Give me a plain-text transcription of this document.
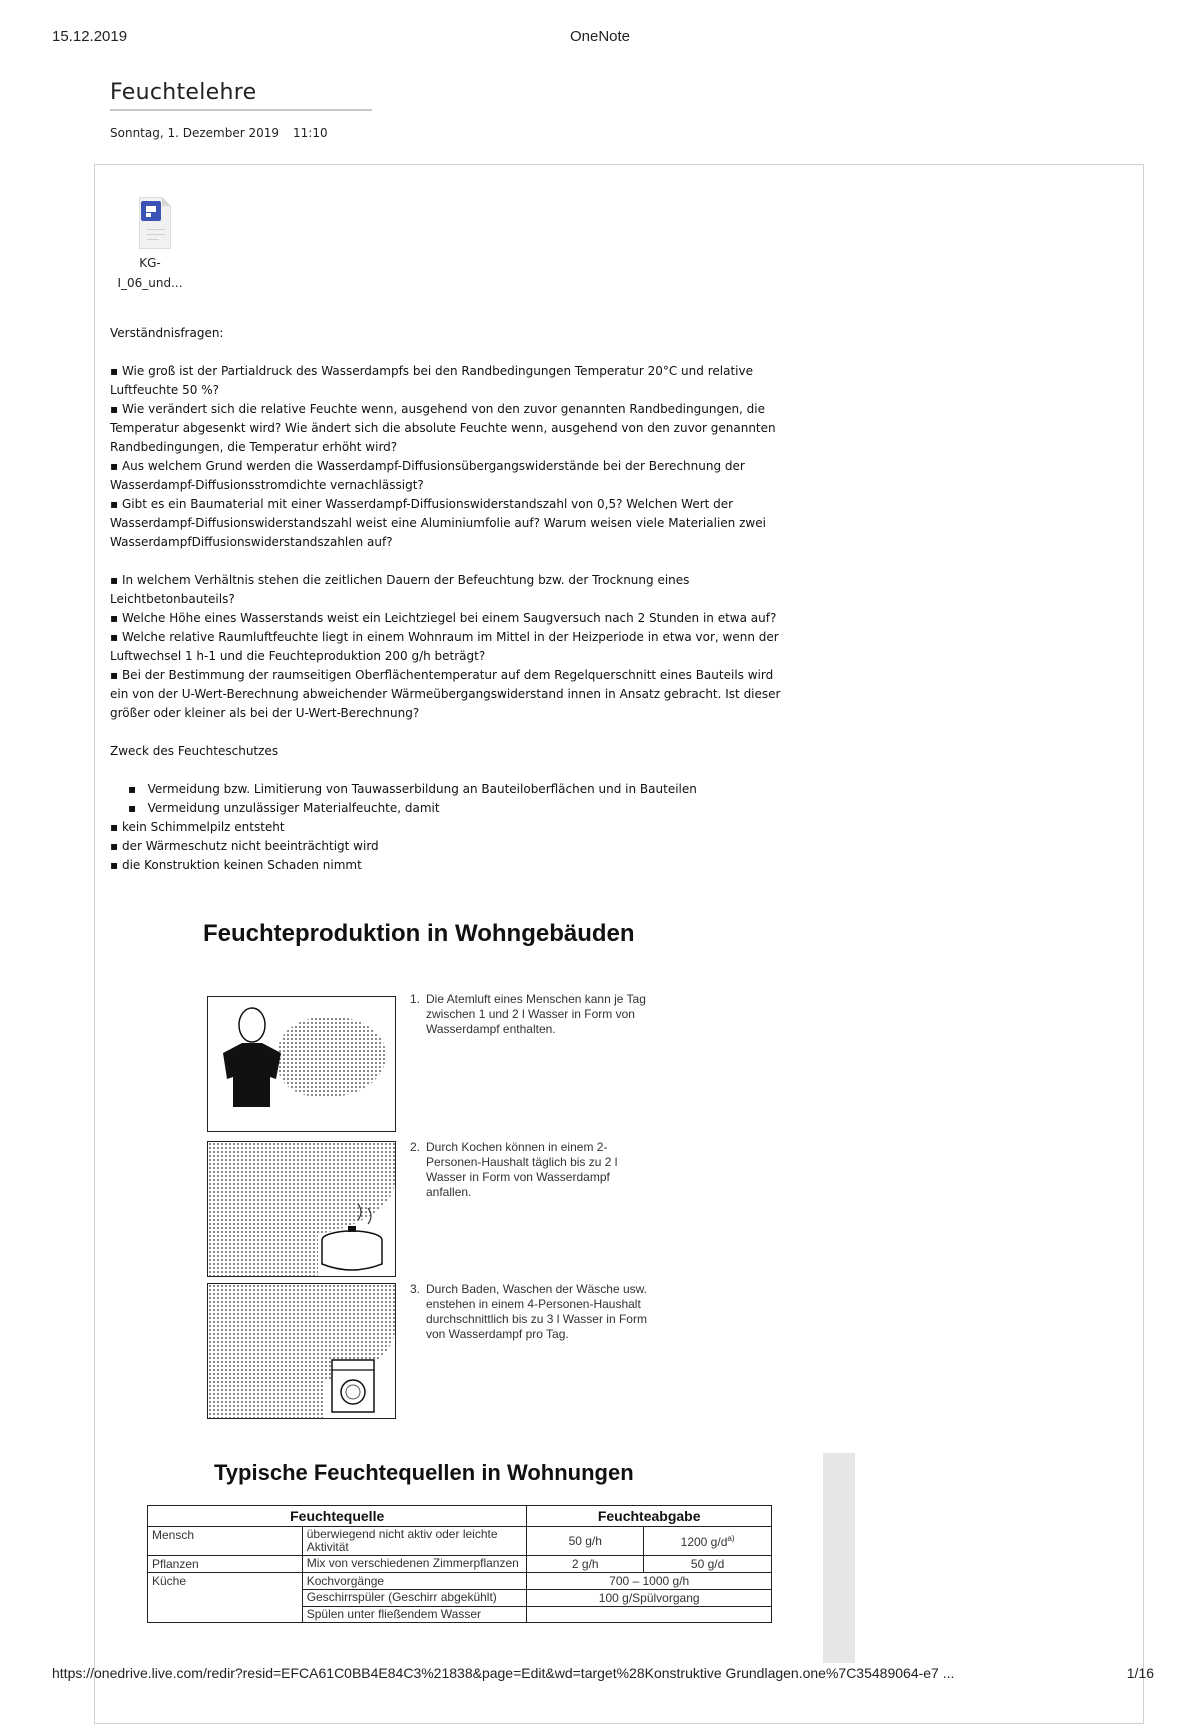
15.12.2019	OneNote
Feuchtelehre
Sonntag, 1. Dezember 2019 11:10
KG-
I_06_und...

Verständnisfragen:

▪ Wie groß ist der Partialdruck des Wasserdampfs bei den Randbedingungen Temperatur 20°C und relative Luftfeuchte 50 %?
▪ Wie verändert sich die relative Feuchte wenn, ausgehend von den zuvor genannten Randbedingungen, die Temperatur abgesenkt wird? Wie ändert sich die absolute Feuchte wenn, ausgehend von den zuvor genannten Randbedingungen, die Temperatur erhöht wird?
▪ Aus welchem Grund werden die Wasserdampf-Diffusionsübergangswiderstände bei der Berechnung der Wasserdampf-Diffusionsstromdichte vernachlässigt?
▪ Gibt es ein Baumaterial mit einer Wasserdampf-Diffusionswiderstandszahl von 0,5? Welchen Wert der Wasserdampf-Diffusionswiderstandszahl weist eine Aluminiumfolie auf? Warum weisen viele Materialien zwei WasserdampfDiffusionswiderstandszahlen auf?
▪ In welchem Verhältnis stehen die zeitlichen Dauern der Befeuchtung bzw. der Trocknung eines Leichtbetonbauteils?
▪ Welche Höhe eines Wasserstands weist ein Leichtziegel bei einem Saugversuch nach 2 Stunden in etwa auf?
▪ Welche relative Raumluftfeuchte liegt in einem Wohnraum im Mittel in der Heizperiode in etwa vor, wenn der Luftwechsel 1 h-1 und die Feuchteproduktion 200 g/h beträgt?
▪ Bei der Bestimmung der raumseitigen Oberflächentemperatur auf dem Regelquerschnitt eines Bauteils wird ein von der U-Wert-Berechnung abweichender Wärmeübergangswiderstand innen in Ansatz gebracht. Ist dieser größer oder kleiner als bei der U-Wert-Berechnung?

Zweck des Feuchteschutzes

▪   Vermeidung bzw. Limitierung von Tauwasserbildung an Bauteiloberflächen und in Bauteilen
▪   Vermeidung unzulässiger Materialfeuchte, damit
▪ kein Schimmelpilz entsteht
▪ der Wärmeschutz nicht beeinträchtigt wird
▪ die Konstruktion keinen Schaden nimmt
Feuchteproduktion in Wohngebäuden
1. Die Atemluft eines Menschen kann je Tag zwischen 1 und 2 l Wasser in Form von Wasserdampf enthalten.
2. Durch Kochen können in einem 2-Personen-Haushalt täglich bis zu 2 l Wasser in Form von Wasserdampf anfallen.
3. Durch Baden, Waschen der Wäsche usw. enstehen in einem 4-Personen-Haushalt durchschnittlich bis zu 3 l Wasser in Form von Wasserdampf pro Tag.
Typische Feuchtequellen in Wohnungen
Feuchtequelle		Feuchteabgabe	
Mensch	überwiegend nicht aktiv oder leichte Aktivität	50 g/h	1200 $g/d^{a)}$
Pflanzen	Mix von verschiedenen Zimmerpflanzen	2 g/h	50 g/d
Küche	Kochvorgänge	700 – 1000 g/h	
	Geschirrspüler (Geschirr abgekühlt)	100 g/Spülvorgang	
	Spülen unter fließendem Wasser		
https://onedrive.live.com/redir?resid=EFCA61C0BB4E84C3%21838&page=Edit&wd=target%28Konstruktive Grundlagen.one%7C35489064-e7 ...	1/16
